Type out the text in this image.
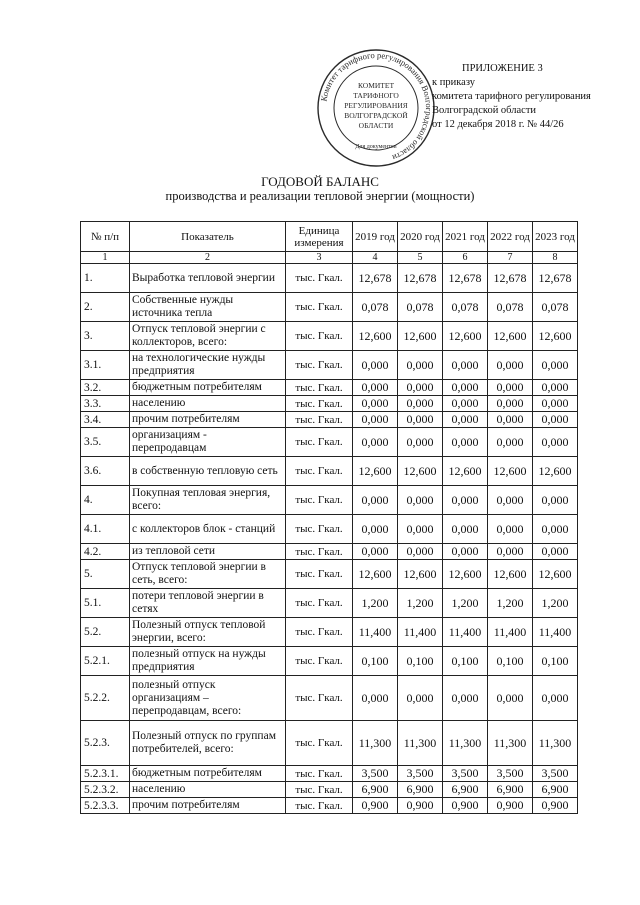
Комитет тарифного регулирования Волгоградской области
КОМИТЕТ
ТАРИФНОГО
РЕГУЛИРОВАНИЯ
ВОЛГОГРАДСКОЙ
ОБЛАСТИ
Для документов
ПРИЛОЖЕНИЕ 3
к приказу
комитета тарифного регулирования
Волгоградской области
от 12 декабря 2018 г. № 44/26
ГОДОВОЙ БАЛАНС
производства и реализации тепловой энергии (мощности)
№ п/п	Показатель	Единица измерения	2019 год	2020 год	2021 год	2022 год	2023 год
1	2	3	4	5	6	7	8
1.	Выработка тепловой энергии	тыс. Гкал.	12,678	12,678	12,678	12,678	12,678
2.	Собственные нужды источника тепла	тыс. Гкал.	0,078	0,078	0,078	0,078	0,078
3.	Отпуск тепловой энергии с коллекторов, всего:	тыс. Гкал.	12,600	12,600	12,600	12,600	12,600
3.1.	на технологические нужды предприятия	тыс. Гкал.	0,000	0,000	0,000	0,000	0,000
3.2.	бюджетным потребителям	тыс. Гкал.	0,000	0,000	0,000	0,000	0,000
3.3.	населению	тыс. Гкал.	0,000	0,000	0,000	0,000	0,000
3.4.	прочим потребителям	тыс. Гкал.	0,000	0,000	0,000	0,000	0,000
3.5.	организациям - перепродавцам	тыс. Гкал.	0,000	0,000	0,000	0,000	0,000
3.6.	в собственную тепловую сеть	тыс. Гкал.	12,600	12,600	12,600	12,600	12,600
4.	Покупная тепловая энергия, всего:	тыс. Гкал.	0,000	0,000	0,000	0,000	0,000
4.1.	с коллекторов блок - станций	тыс. Гкал.	0,000	0,000	0,000	0,000	0,000
4.2.	из тепловой сети	тыс. Гкал.	0,000	0,000	0,000	0,000	0,000
5.	Отпуск тепловой энергии в сеть, всего:	тыс. Гкал.	12,600	12,600	12,600	12,600	12,600
5.1.	потери тепловой энергии в сетях	тыс. Гкал.	1,200	1,200	1,200	1,200	1,200
5.2.	Полезный отпуск тепловой энергии, всего:	тыс. Гкал.	11,400	11,400	11,400	11,400	11,400
5.2.1.	полезный отпуск на нужды предприятия	тыс. Гкал.	0,100	0,100	0,100	0,100	0,100
5.2.2.	полезный отпуск организациям – перепродавцам, всего:	тыс. Гкал.	0,000	0,000	0,000	0,000	0,000
5.2.3.	Полезный отпуск по группам потребителей, всего:	тыс. Гкал.	11,300	11,300	11,300	11,300	11,300
5.2.3.1.	бюджетным потребителям	тыс. Гкал.	3,500	3,500	3,500	3,500	3,500
5.2.3.2.	населению	тыс. Гкал.	6,900	6,900	6,900	6,900	6,900
5.2.3.3.	прочим потребителям	тыс. Гкал.	0,900	0,900	0,900	0,900	0,900
